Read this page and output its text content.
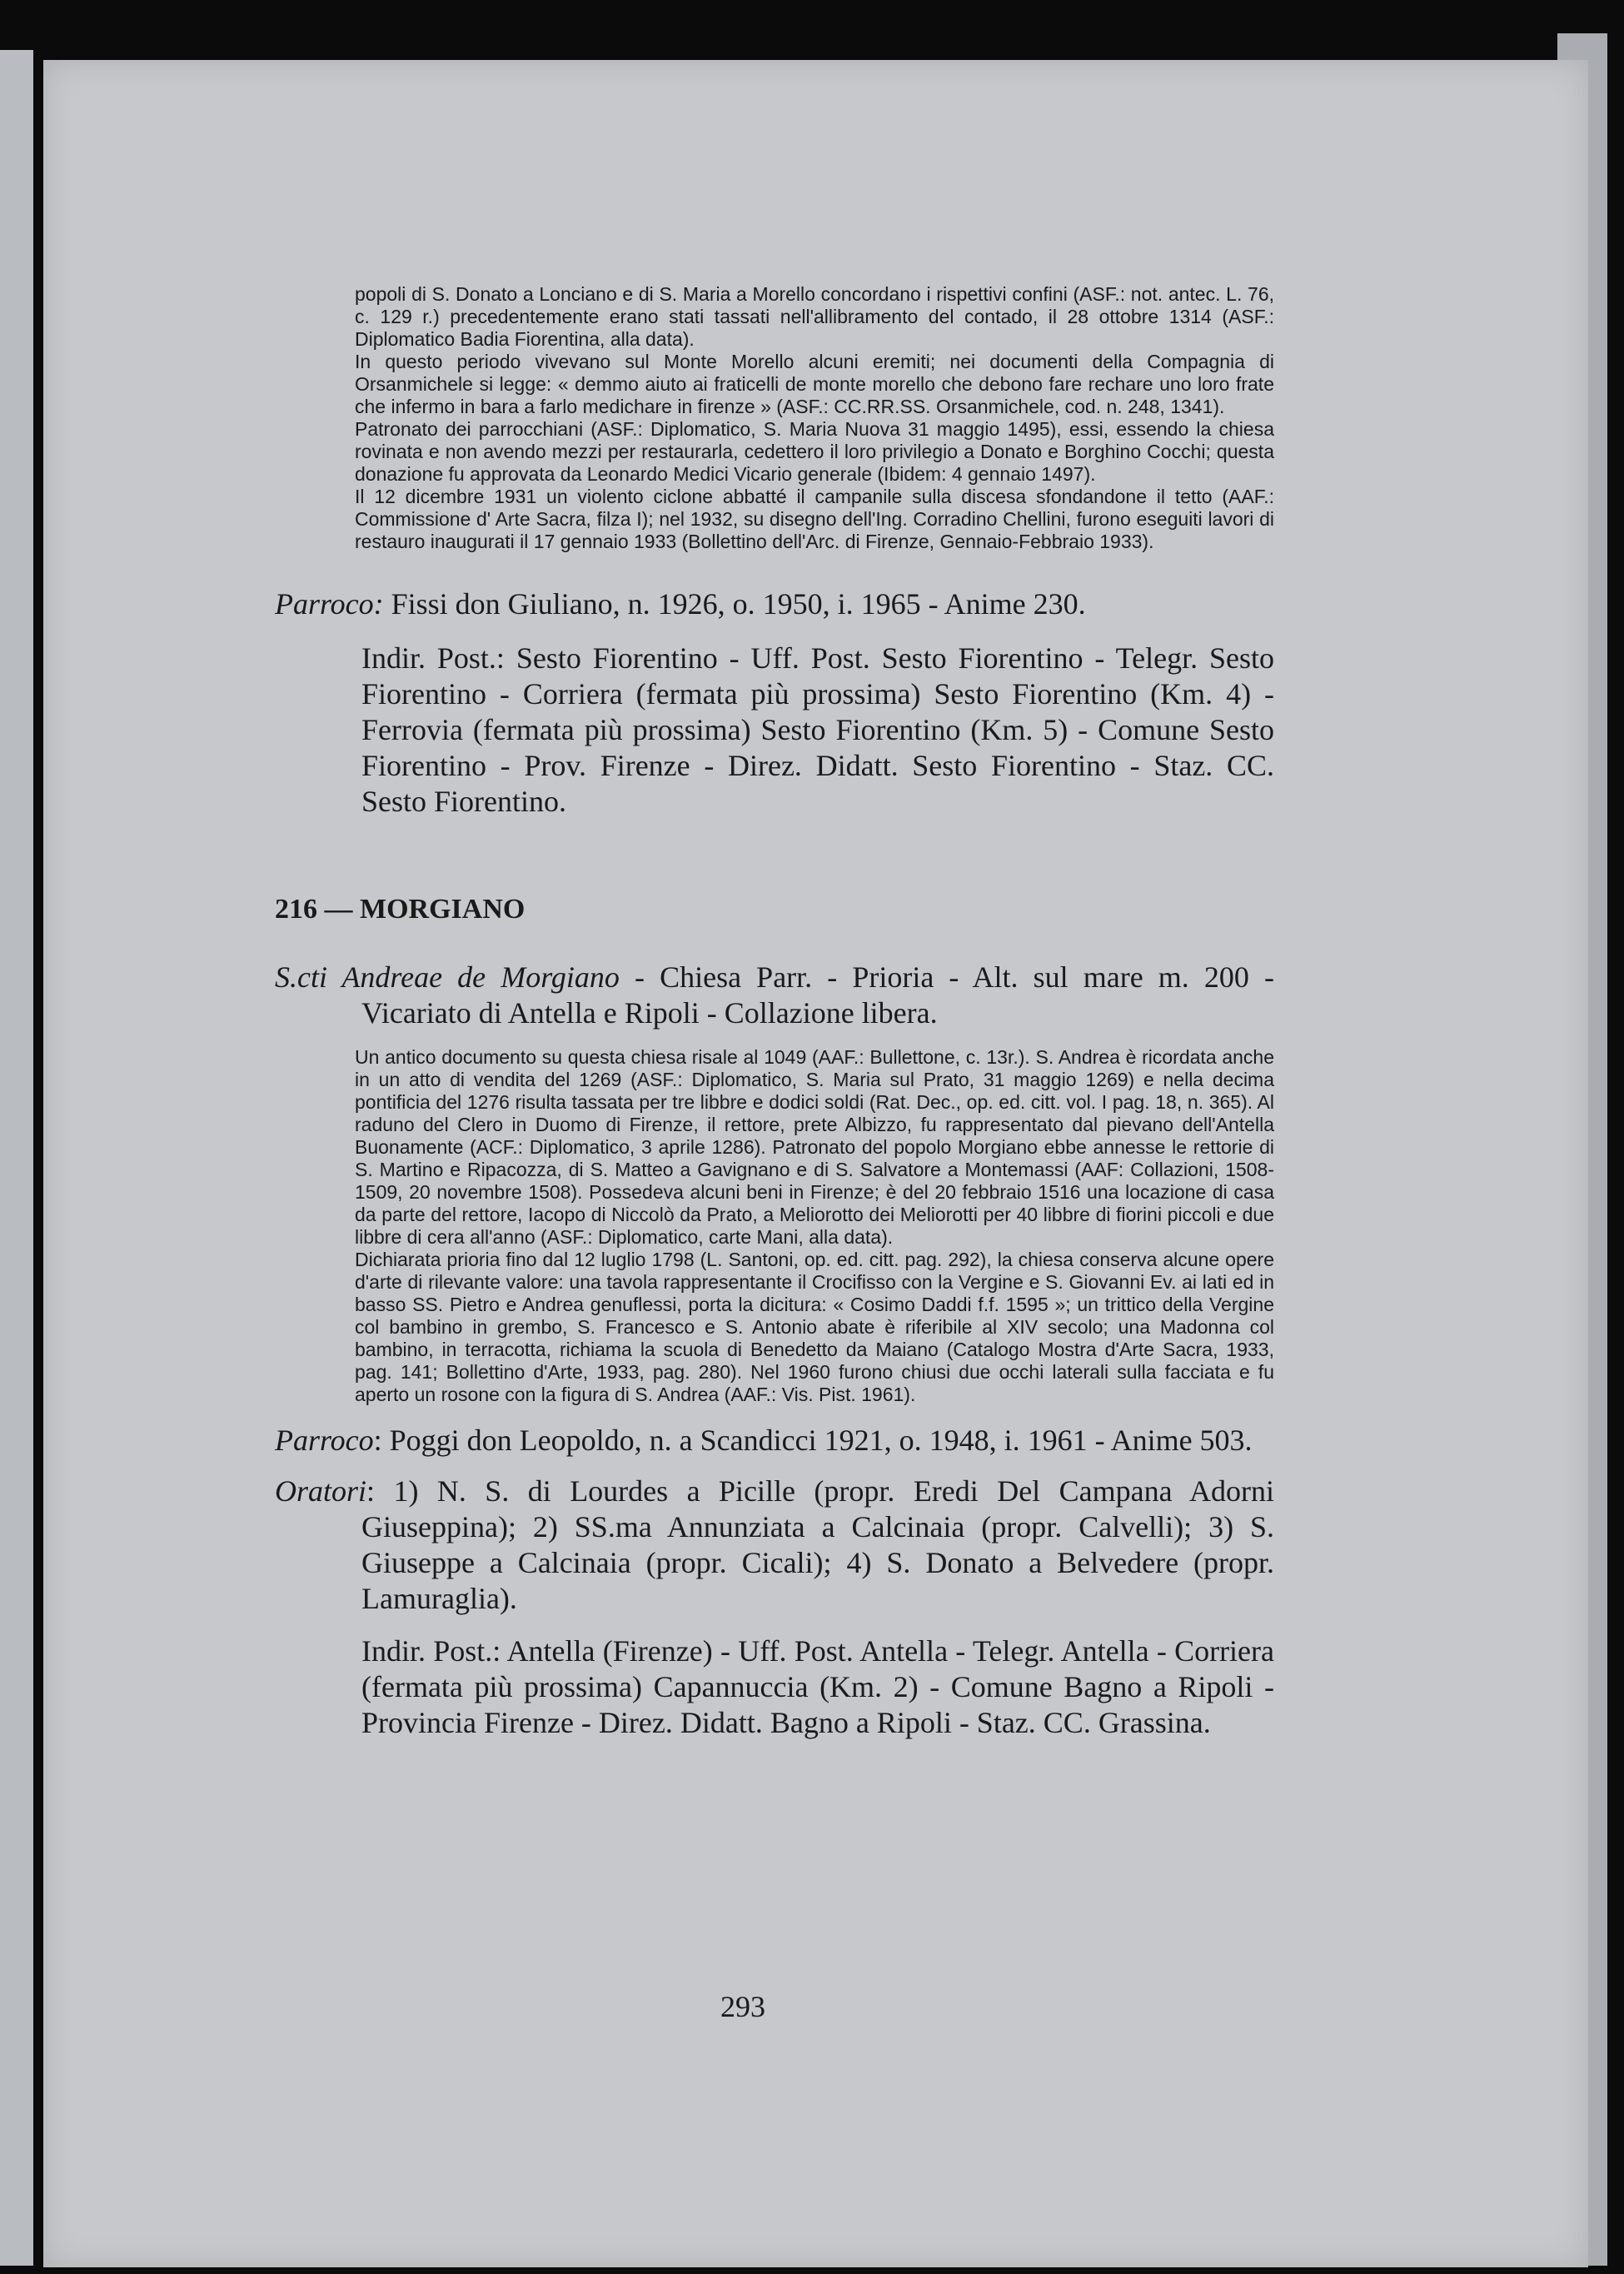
popoli di S. Donato a Lonciano e di S. Maria a Morello concordano i rispettivi confini (ASF.: not. antec. L. 76, c. 129 r.) precedentemente erano stati tassati nell'allibramento del contado, il 28 ottobre 1314 (ASF.: Diplomatico Badia Fiorentina, alla data).

In questo periodo vivevano sul Monte Morello alcuni eremiti; nei documenti della Compagnia di Orsanmichele si legge: « demmo aiuto ai fraticelli de monte morello che debono fare rechare uno loro frate che infermo in bara a farlo medichare in firenze » (ASF.: CC.RR.SS. Orsanmichele, cod. n. 248, 1341).

Patronato dei parrocchiani (ASF.: Diplomatico, S. Maria Nuova 31 maggio 1495), essi, essendo la chiesa rovinata e non avendo mezzi per restaurarla, cedettero il loro privilegio a Donato e Borghino Cocchi; questa donazione fu approvata da Leonardo Medici Vicario generale (Ibidem: 4 gennaio 1497).

Il 12 dicembre 1931 un violento ciclone abbatté il campanile sulla discesa sfondandone il tetto (AAF.: Commissione d' Arte Sacra, filza I); nel 1932, su disegno dell'Ing. Corradino Chellini, furono eseguiti lavori di restauro inaugurati il 17 gennaio 1933 (Bollettino dell'Arc. di Firenze, Gennaio-Febbraio 1933).

Parroco: Fissi don Giuliano, n. 1926, o. 1950, i. 1965 - Anime 230.

Indir. Post.: Sesto Fiorentino - Uff. Post. Sesto Fiorentino - Telegr. Sesto Fiorentino - Corriera (fermata più prossima) Sesto Fiorentino (Km. 4) - Ferrovia (fermata più prossima) Sesto Fiorentino (Km. 5) - Comune Sesto Fiorentino - Prov. Firenze - Direz. Didatt. Sesto Fiorentino - Staz. CC. Sesto Fiorentino.

216 — MORGIANO

S.cti Andreae de Morgiano - Chiesa Parr. - Prioria - Alt. sul mare m. 200 - Vicariato di Antella e Ripoli - Collazione libera.

Un antico documento su questa chiesa risale al 1049 (AAF.: Bullettone, c. 13r.). S. Andrea è ricordata anche in un atto di vendita del 1269 (ASF.: Diplomatico, S. Maria sul Prato, 31 maggio 1269) e nella decima pontificia del 1276 risulta tassata per tre libbre e dodici soldi (Rat. Dec., op. ed. citt. vol. I pag. 18, n. 365). Al raduno del Clero in Duomo di Firenze, il rettore, prete Albizzo, fu rappresentato dal pievano dell'Antella Buonamente (ACF.: Diplomatico, 3 aprile 1286). Patronato del popolo Morgiano ebbe annesse le rettorie di S. Martino e Ripacozza, di S. Matteo a Gavignano e di S. Salvatore a Montemassi (AAF: Collazioni, 1508-1509, 20 novembre 1508). Possedeva alcuni beni in Firenze; è del 20 febbraio 1516 una locazione di casa da parte del rettore, Iacopo di Niccolò da Prato, a Meliorotto dei Meliorotti per 40 libbre di fiorini piccoli e due libbre di cera all'anno (ASF.: Diplomatico, carte Mani, alla data).

Dichiarata prioria fino dal 12 luglio 1798 (L. Santoni, op. ed. citt. pag. 292), la chiesa conserva alcune opere d'arte di rilevante valore: una tavola rappresentante il Crocifisso con la Vergine e S. Giovanni Ev. ai lati ed in basso SS. Pietro e Andrea genuflessi, porta la dicitura: « Cosimo Daddi f.f. 1595 »; un trittico della Vergine col bambino in grembo, S. Francesco e S. Antonio abate è riferibile al XIV secolo; una Madonna col bambino, in terracotta, richiama la scuola di Benedetto da Maiano (Catalogo Mostra d'Arte Sacra, 1933, pag. 141; Bollettino d'Arte, 1933, pag. 280). Nel 1960 furono chiusi due occhi laterali sulla facciata e fu aperto un rosone con la figura di S. Andrea (AAF.: Vis. Pist. 1961).

Parroco: Poggi don Leopoldo, n. a Scandicci 1921, o. 1948, i. 1961 - Anime 503.

Oratori: 1) N. S. di Lourdes a Picille (propr. Eredi Del Campana Adorni Giuseppina); 2) SS.ma Annunziata a Calcinaia (propr. Calvelli); 3) S. Giuseppe a Calcinaia (propr. Cicali); 4) S. Donato a Belvedere (propr. Lamuraglia).

Indir. Post.: Antella (Firenze) - Uff. Post. Antella - Telegr. Antella - Corriera (fermata più prossima) Capannuccia (Km. 2) - Comune Bagno a Ripoli - Provincia Firenze - Direz. Didatt. Bagno a Ripoli - Staz. CC. Grassina.

293
